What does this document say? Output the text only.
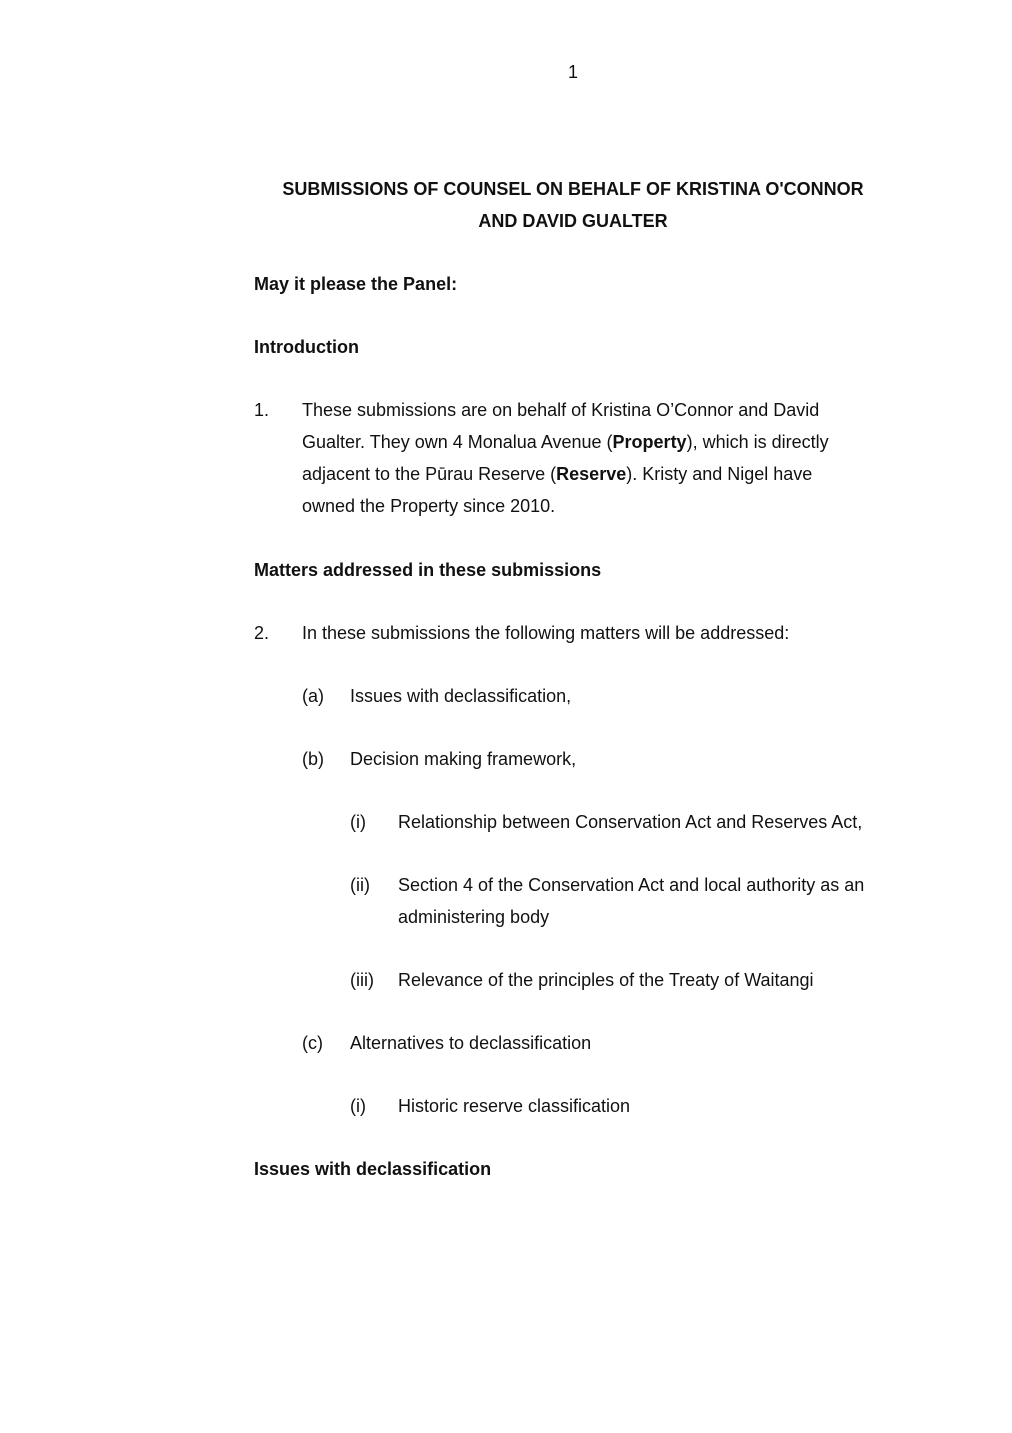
1
SUBMISSIONS OF COUNSEL ON BEHALF OF KRISTINA O'CONNOR
AND DAVID GUALTER
May it please the Panel:
Introduction
1. These submissions are on behalf of Kristina O’Connor and David
Gualter. They own 4 Monalua Avenue (Property), which is directly
adjacent to the Pūrau Reserve (Reserve). Kristy and Nigel have
owned the Property since 2010.
Matters addressed in these submissions
2. In these submissions the following matters will be addressed:
(a) Issues with declassification,
(b) Decision making framework,
(i) Relationship between Conservation Act and Reserves Act,
(ii) Section 4 of the Conservation Act and local authority as an
administering body
(iii) Relevance of the principles of the Treaty of Waitangi
(c) Alternatives to declassification
(i) Historic reserve classification
Issues with declassification
